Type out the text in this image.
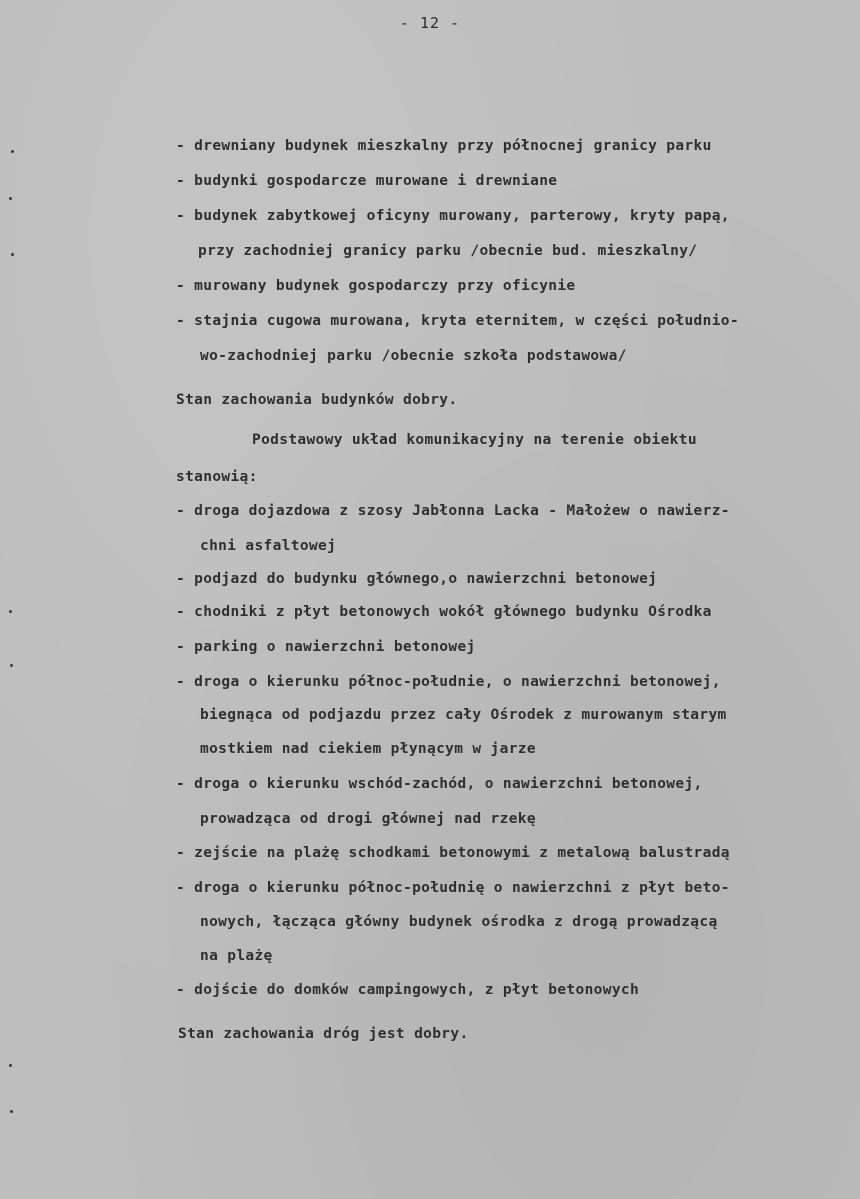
- 12 -
- drewniany budynek mieszkalny przy północnej granicy parku
- budynki gospodarcze murowane i drewniane
- budynek zabytkowej oficyny murowany, parterowy, kryty papą,
przy zachodniej granicy parku /obecnie bud. mieszkalny/
- murowany budynek gospodarczy przy oficynie
- stajnia cugowa murowana, kryta eternitem, w części południo-
wo-zachodniej parku /obecnie szkoła podstawowa/
Stan zachowania budynków dobry.
Podstawowy układ komunikacyjny na terenie obiektu
stanowią:
- droga dojazdowa z szosy Jabłonna Lacka - Małożew o nawierz-
chni asfaltowej
- podjazd do budynku głównego,o nawierzchni betonowej
- chodniki z płyt betonowych wokół głównego budynku Ośrodka
- parking o nawierzchni betonowej
- droga o kierunku północ-południe, o nawierzchni betonowej,
biegnąca od podjazdu przez cały Ośrodek z murowanym starym
mostkiem nad ciekiem płynącym w jarze
- droga o kierunku wschód-zachód, o nawierzchni betonowej,
prowadząca od drogi głównej nad rzekę
- zejście na plażę schodkami betonowymi z metalową balustradą
- droga o kierunku północ-południę o nawierzchni z płyt beto-
nowych, łącząca główny budynek ośrodka z drogą prowadzącą
na plażę
- dojście do domków campingowych, z płyt betonowych
Stan zachowania dróg jest dobry.
